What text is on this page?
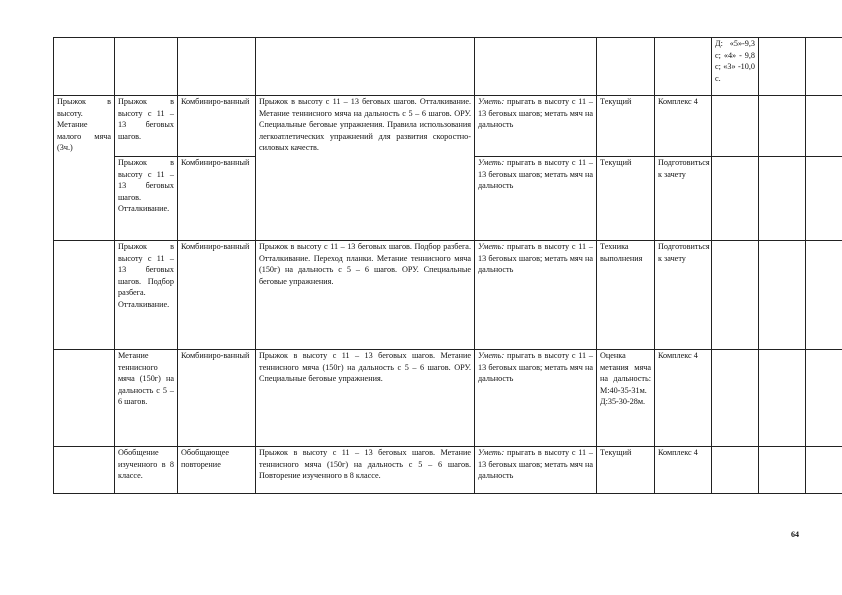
							Д: «5»-9,3 с; «4» - 9,8 с; «3» -10,0 с.		
Прыжок в высоту. Метание малого мяча (3ч.)	Прыжок в высоту с 11 – 13 беговых шагов.	Комбиниро-ванный	Прыжок в высоту с 11 – 13 беговых шагов. Отталкивание. Метание теннисного мяча на дальность с 5 – 6 шагов. ОРУ. Специальные беговые упражнения. Правила использования легкоатлетических упражнений для развития скоростно-силовых качеств.	Уметь: прыгать в высоту с 11 – 13 беговых шагов; метать мяч на дальность	Текущий	Комплекс 4			
	Прыжок в высоту с 11 – 13 беговых шагов. Отталкивание.	Комбиниро-ванный		Уметь: прыгать в высоту с 11 – 13 беговых шагов; метать мяч на дальность	Текущий	Подготовиться к зачету			
	Прыжок в высоту с 11 – 13 беговых шагов. Подбор разбега. Отталкивание.	Комбиниро-ванный	Прыжок в высоту с 11 – 13 беговых шагов. Подбор разбега. Отталкивание. Переход планки. Метание теннисного мяча (150г) на дальность с 5 – 6 шагов. ОРУ. Специальные беговые упражнения.	Уметь: прыгать в высоту с 11 – 13 беговых шагов; метать мяч на дальность	Техника выполнения	Подготовиться к зачету			
	Метание теннисного мяча (150г) на дальность с 5 – 6 шагов.	Комбиниро-ванный	Прыжок в высоту с 11 – 13 беговых шагов. Метание теннисного мяча (150г) на дальность с 5 – 6 шагов. ОРУ. Специальные беговые упражнения.	Уметь: прыгать в высоту с 11 – 13 беговых шагов; метать мяч на дальность	Оценка метания мяча на дальность: М:40-35-31м. Д:35-30-28м.	Комплекс 4			
	Обобщение изученного в 8 классе.	Обобщающее повторение	Прыжок в высоту с 11 – 13 беговых шагов. Метание теннисного мяча (150г) на дальность с 5 – 6 шагов. Повторение изученного в 8 классе.	Уметь: прыгать в высоту с 11 – 13 беговых шагов; метать мяч на дальность	Текущий	Комплекс 4			
64
